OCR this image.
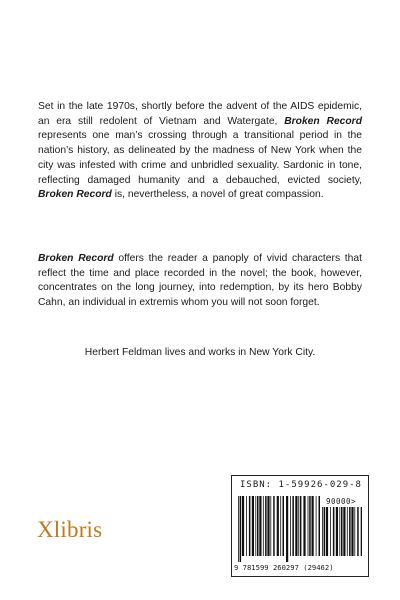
Set in the late 1970s, shortly before the advent of the AIDS epidemic, an era still redolent of Vietnam and Watergate, Broken Record represents one man’s crossing through a transitional period in the nation’s history, as delineated by the madness of New York when the city was infested with crime and unbridled sexuality. Sardonic in tone, reflecting damaged humanity and a debauched, evicted society, Broken Record is, nevertheless, a novel of great compassion.

Broken Record offers the reader a panoply of vivid characters that reflect the time and place recorded in the novel; the book, however, concentrates on the long journey, into redemption, by its hero Bobby Cahn, an individual in extremis whom you will not soon forget.

Herbert Feldman lives and works in New York City.

Xlibris
ISBN: 1-59926-029-8
90000>
9 781599 260297 (29462)
